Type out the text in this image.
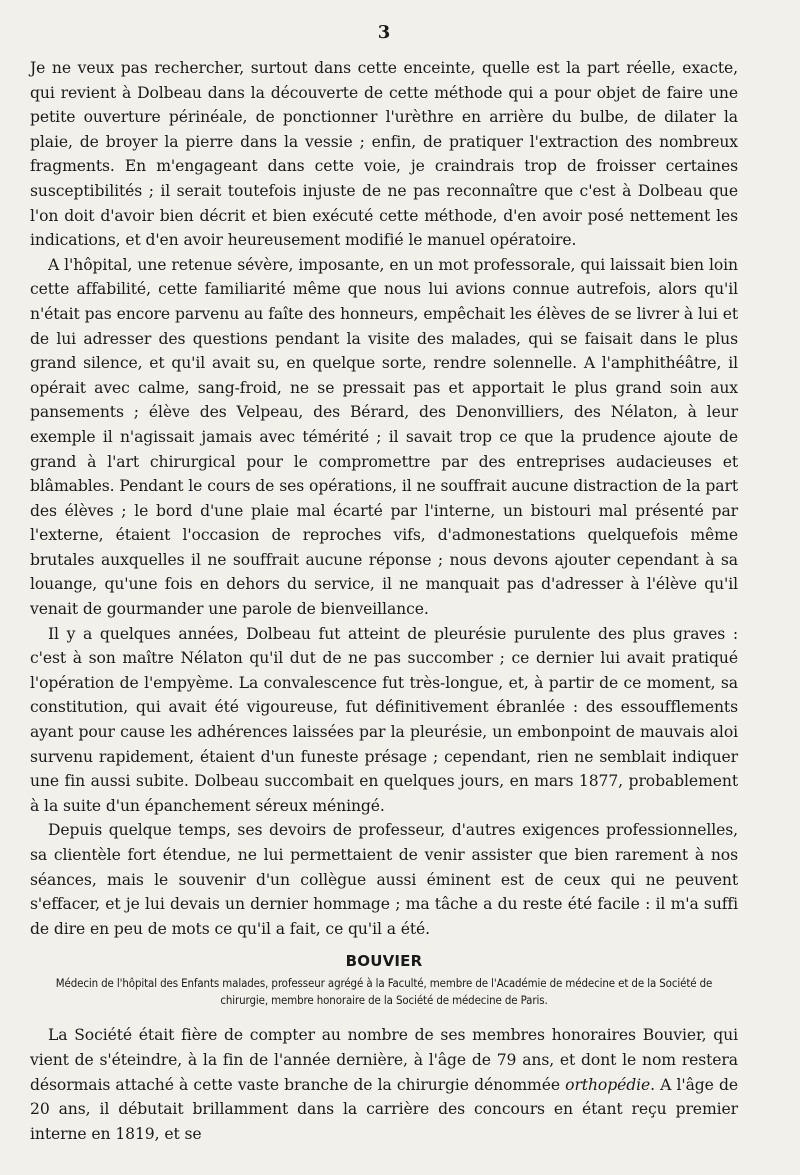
3

Je ne veux pas rechercher, surtout dans cette enceinte, quelle est la part réelle, exacte, qui revient à Dolbeau dans la découverte de cette méthode qui a pour objet de faire une petite ouverture périnéale, de ponctionner l'urèthre en arrière du bulbe, de dilater la plaie, de broyer la pierre dans la vessie ; enfin, de pratiquer l'extraction des nombreux fragments. En m'engageant dans cette voie, je craindrais trop de froisser certaines susceptibilités ; il serait toutefois injuste de ne pas reconnaître que c'est à Dolbeau que l'on doit d'avoir bien décrit et bien exécuté cette méthode, d'en avoir posé nettement les indications, et d'en avoir heureusement modifié le manuel opératoire.

A l'hôpital, une retenue sévère, imposante, en un mot professorale, qui laissait bien loin cette affabilité, cette familiarité même que nous lui avions connue autrefois, alors qu'il n'était pas encore parvenu au faîte des honneurs, empêchait les élèves de se livrer à lui et de lui adresser des questions pendant la visite des malades, qui se faisait dans le plus grand silence, et qu'il avait su, en quelque sorte, rendre solennelle. A l'amphithéâtre, il opérait avec calme, sang-froid, ne se pressait pas et apportait le plus grand soin aux pansements ; élève des Velpeau, des Bérard, des Denonvilliers, des Nélaton, à leur exemple il n'agissait jamais avec témérité ; il savait trop ce que la prudence ajoute de grand à l'art chirurgical pour le compromettre par des entreprises audacieuses et blâmables. Pendant le cours de ses opérations, il ne souffrait aucune distraction de la part des élèves ; le bord d'une plaie mal écarté par l'interne, un bistouri mal présenté par l'externe, étaient l'occasion de reproches vifs, d'admonestations quelquefois même brutales auxquelles il ne souffrait aucune réponse ; nous devons ajouter cependant à sa louange, qu'une fois en dehors du service, il ne manquait pas d'adresser à l'élève qu'il venait de gourmander une parole de bienveillance.

Il y a quelques années, Dolbeau fut atteint de pleurésie purulente des plus graves : c'est à son maître Nélaton qu'il dut de ne pas succomber ; ce dernier lui avait pratiqué l'opération de l'empyème. La convalescence fut très-longue, et, à partir de ce moment, sa constitution, qui avait été vigoureuse, fut définitivement ébranlée : des essoufflements ayant pour cause les adhérences laissées par la pleurésie, un embonpoint de mauvais aloi survenu rapidement, étaient d'un funeste présage ; cependant, rien ne semblait indiquer une fin aussi subite. Dolbeau succombait en quelques jours, en mars 1877, probablement à la suite d'un épanchement séreux méningé.

Depuis quelque temps, ses devoirs de professeur, d'autres exigences professionnelles, sa clientèle fort étendue, ne lui permettaient de venir assister que bien rarement à nos séances, mais le souvenir d'un collègue aussi éminent est de ceux qui ne peuvent s'effacer, et je lui devais un dernier hommage ; ma tâche a du reste été facile : il m'a suffi de dire en peu de mots ce qu'il a fait, ce qu'il a été.

BOUVIER
Médecin de l'hôpital des Enfants malades, professeur agrégé à la Faculté, membre de l'Académie de médecine et de la Société de chirurgie, membre honoraire de la Société de médecine de Paris.

La Société était fière de compter au nombre de ses membres honoraires Bouvier, qui vient de s'éteindre, à la fin de l'année dernière, à l'âge de 79 ans, et dont le nom restera désormais attaché à cette vaste branche de la chirurgie dénommée orthopédie. A l'âge de 20 ans, il débutait brillamment dans la carrière des concours en étant reçu premier interne en 1819, et se
